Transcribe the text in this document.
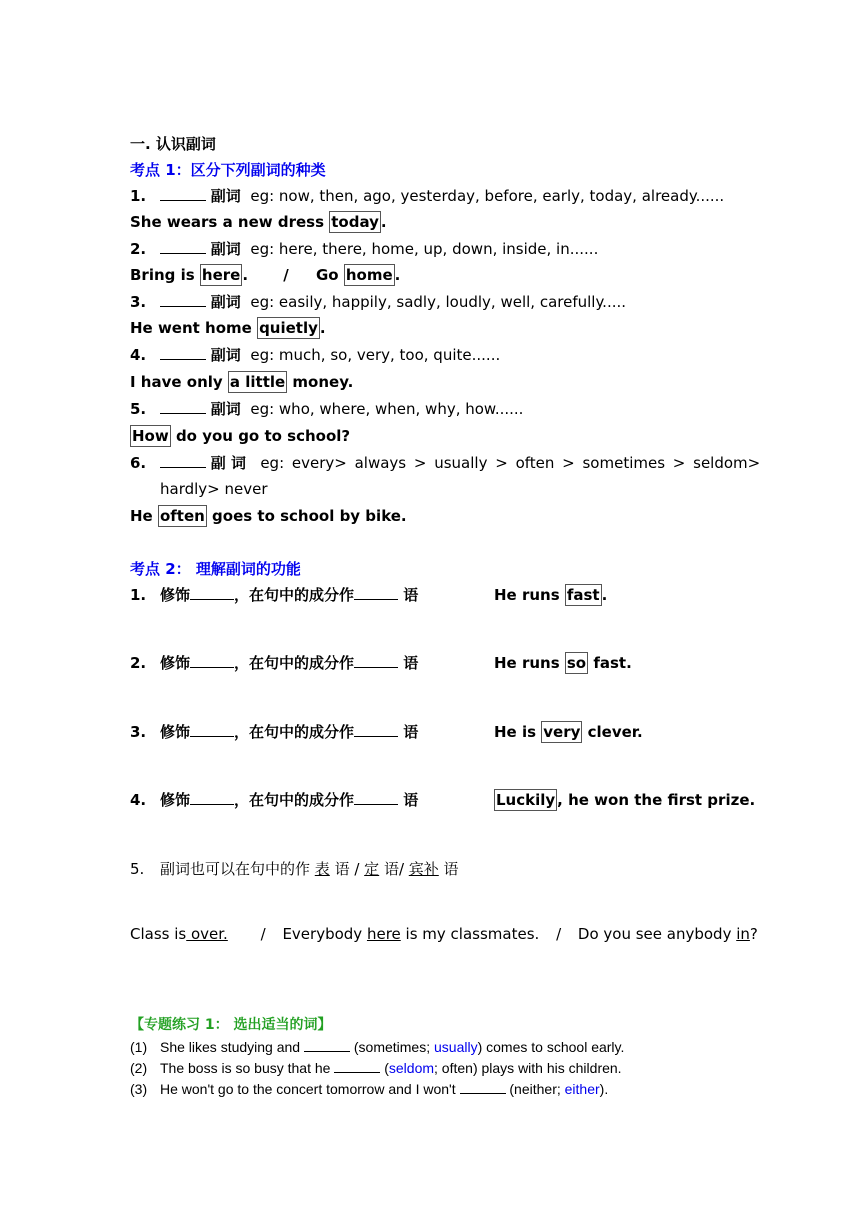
一. 认识副词
考点 1：区分下列副词的种类
1.	副词 eg: now, then, ago, yesterday, before, early, today, already......
She wears a new dress today .
2.	副词 eg: here, there, home, up, down, inside, in......
Bring is here . / Go home .
3.	副词 eg: easily, happily, sadly, loudly, well, carefully.....
He went home quietly .
4.	副词 eg: much, so, very, too, quite......
I have only a little money.
5.	副词 eg: who, where, when, why, how......
How do you go to school?
6.	副 词 eg: every> always > usually > often > sometimes > seldom>
hardly> never
He often goes to school by bike.
考点 2： 理解副词的功能
1. 修饰	，在句中的成分作	语	He runs fast .
2. 修饰	，在句中的成分作	语	He runs so fast.
3. 修饰	，在句中的成分作	语	He is very clever.
4. 修饰	，在句中的成分作	语	Luckily , he won the first prize.
5. 副词也可以在句中的作 表 语 / 定 语/ 宾补 语
Class is over. / Everybody here is my classmates. / Do you see anybody in?
【专题练习 1： 选出适当的词】
(1) She likes studying and	(sometimes; usually) comes to school early.
(2) The boss is so busy that he	(seldom; often) plays with his children.
(3) He won't go to the concert tomorrow and I won't	(neither; either).
